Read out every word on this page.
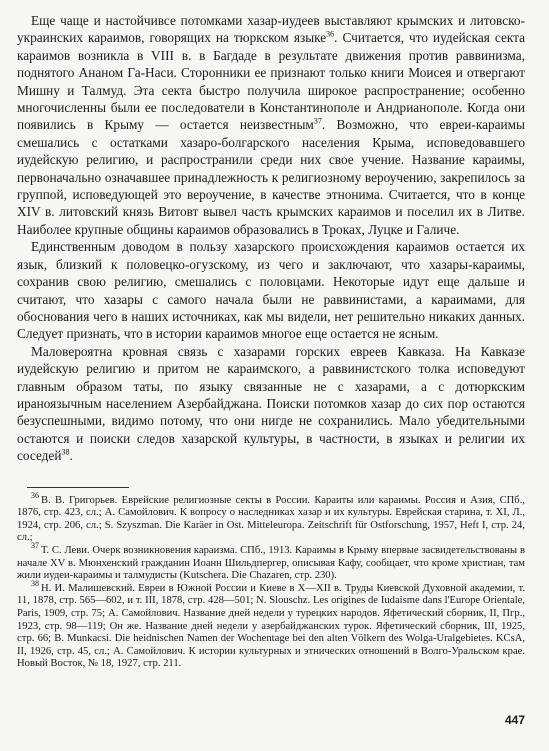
Еще чаще и настойчивсе потомками хазар-иудеев выставляют крымских и литовско-украинских караимов, говорящих на тюркском языке$^{36}$. Считается, что иудейская секта караимов возникла в VIII в. в Багдаде в результате движения против раввинизма, поднятого Ананом Га-Наси. Сторонники ее признают только книги Моисея и отвергают Мишну и Талмуд. Эта секта быстро получила широкое распространение; особенно многочисленны были ее последователи в Константинополе и Андрианополе. Когда они появились в Крыму — остается неизвестным$^{37}$. Возможно, что евреи-караимы смешались с остатками хазаро-болгарского населения Крыма, исповедовавшего иудейскую религию, и распространили среди них свое учение. Название караимы, первоначально означавшее принадлежность к религиозному вероучению, закрепилось за группой, исповедующей это вероучение, в качестве этнонима. Считается, что в конце XIV в. литовский князь Витовт вывел часть крымских караимов и поселил их в Литве. Наиболее крупные общины караимов образовались в Троках, Луцке и Галиче.

Единственным доводом в пользу хазарского происхождения караимов остается их язык, близкий к половецко-огузскому, из чего и заключают, что хазары-караимы, сохранив свою религию, смешались с половцами. Некоторые идут еще дальше и считают, что хазары с самого начала были не раввинистами, а караимами, для обоснования чего в наших источниках, как мы видели, нет решительно никаких данных. Следует признать, что в истории караимов многое еще остается не ясным.

Маловероятна кровная связь с хазарами горских евреев Кавказа. На Кавказе иудейскую религию и притом не караимского, а раввинистского толка исповедуют главным образом таты, по языку связанные не с хазарами, а с дотюркским ираноязычным населением Азербайджана. Поиски потомков хазар до сих пор остаются безуспешными, видимо потому, что они нигде не сохранились. Мало убедительными остаются и поиски следов хазарской культуры, в частности, в языках и религии их соседей$^{38}$.

$^{36}$ В. В. Григорьев. Еврейские религиозные секты в России. Караиты или караимы. Россия и Азия, СПб., 1876, стр. 423, сл.; А. Самойлович. К вопросу о наследниках хазар и их культуры. Еврейская старина, т. XI, Л., 1924, стр. 206, сл.; S. Szyszman. Die Karäer in Ost. Mitteleuropa. Zeitschrift für Ostforschung, 1957, Heft I, стр. 24, сл.;

$^{37}$ Т. С. Леви. Очерк возникновения караизма. СПб., 1913. Караимы в Крыму впервые засвидетельствованы в начале XV в. Мюнхенский гражданин Иоанн Шильдпергер, описывая Кафу, сообщает, что кроме христиан, там жили иудеи-караимы и талмудисты (Kutschera. Die Chazaren, стр. 230).

$^{38}$ Н. И. Малишевский. Евреи в Южной России и Киеве в X—XII в. Труды Киевской Духовной академии, т. 11, 1878, стр. 565—602, и т. III, 1878, стр. 428—501; N. Slouschz. Les origines de Iudaisme dans l'Europe Orientale, Paris, 1909, стр. 75; А. Самойлович. Название дней недели у турецких народов. Яфетический сборник, II, Пгр., 1923, стр. 98—119; Он же. Название дней недели у азербайджанских турок. Яфетический сборник, III, 1925, стр. 66; B. Munkacsi. Die heidnischen Namen der Wochentage bei den alten Völkern des Wolga-Uralgebietes. KCsA, II, 1926, стр. 45, сл.; А. Самойлович. К истории культурных и этнических отношений в Волго-Уральском крае. Новый Восток, № 18, 1927, стр. 211.

447
